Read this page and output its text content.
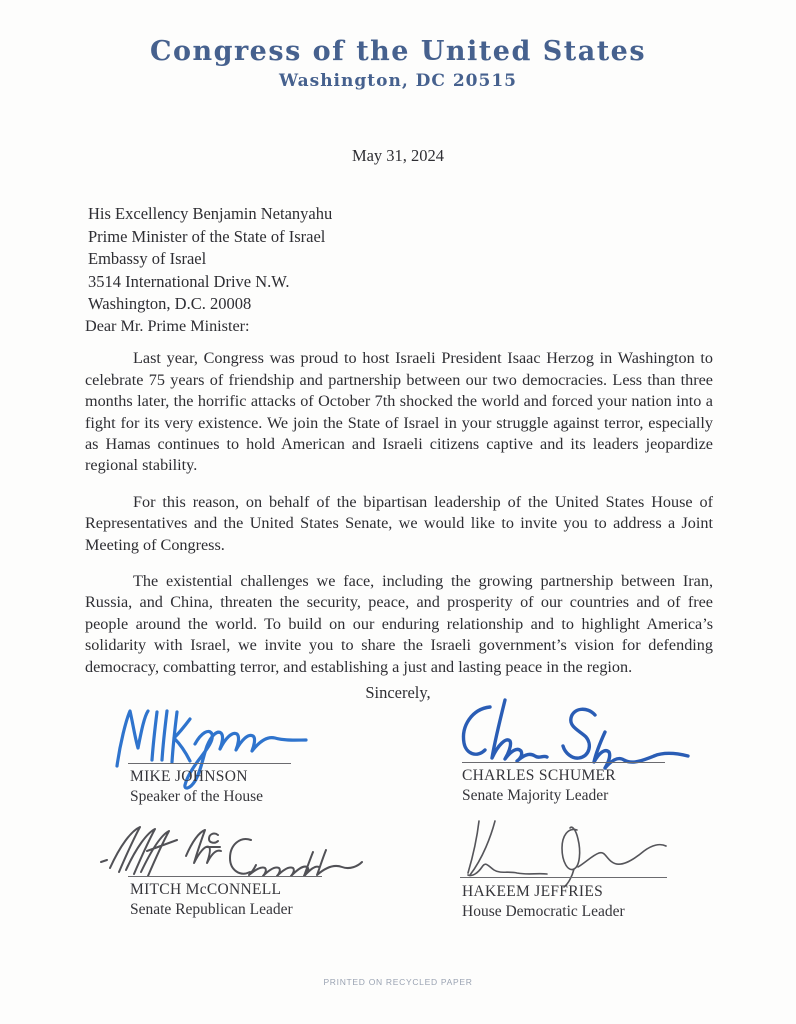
Congress of the United States
Washington, DC 20515
May 31, 2024
His Excellency Benjamin Netanyahu
Prime Minister of the State of Israel
Embassy of Israel
3514 International Drive N.W.
Washington, D.C. 20008
Dear Mr. Prime Minister:

Last year, Congress was proud to host Israeli President Isaac Herzog in Washington to celebrate 75 years of friendship and partnership between our two democracies. Less than three months later, the horrific attacks of October 7th shocked the world and forced your nation into a fight for its very existence. We join the State of Israel in your struggle against terror, especially as Hamas continues to hold American and Israeli citizens captive and its leaders jeopardize regional stability.

For this reason, on behalf of the bipartisan leadership of the United States House of Representatives and the United States Senate, we would like to invite you to address a Joint Meeting of Congress.

The existential challenges we face, including the growing partnership between Iran, Russia, and China, threaten the security, peace, and prosperity of our countries and of free people around the world. To build on our enduring relationship and to highlight America’s solidarity with Israel, we invite you to share the Israeli government’s vision for defending democracy, combatting terror, and establishing a just and lasting peace in the region.

Sincerely,
MIKE JOHNSON
Speaker of the House
CHARLES SCHUMER
Senate Majority Leader
MITCH McCONNELL
Senate Republican Leader
HAKEEM JEFFRIES
House Democratic Leader
PRINTED ON RECYCLED PAPER
